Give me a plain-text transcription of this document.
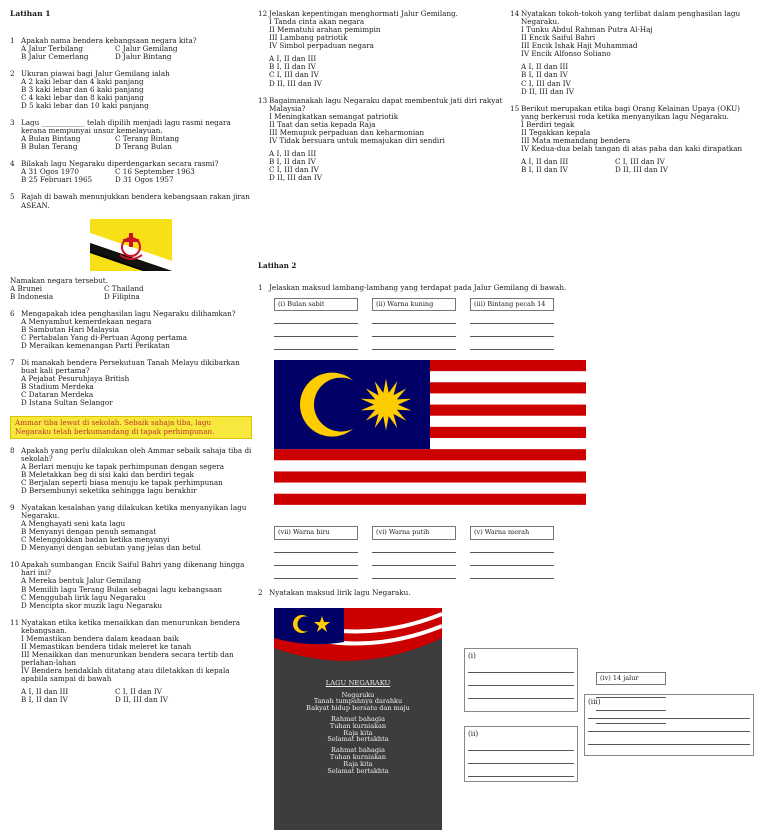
Latihan 1
1 Apakah nama bendera kebangsaan negara kita?
A Jalur Terbilang	C Jalur Gemilang
B Jalur Cemerlang	D Jalur Bintang
2 Ukuran piawai bagi Jalur Gemilang ialah
A 2 kaki lebar dan 4 kaki panjang
B 3 kaki lebar dan 6 kaki panjang
C 4 kaki lebar dan 8 kaki panjang
D 5 kaki lebar dan 10 kaki panjang
3 Lagu ____________ telah dipilih menjadi lagu rasmi negara kerana mempunyai unsur kemelayuan.
A Bulan Bintang	C Terang Bintang
B Bulan Terang	D Terang Bulan
4 Bilakah lagu Negaraku diperdengarkan secara rasmi?
A 31 Ogos 1970	C 16 September 1963
B 25 Februari 1965	D 31 Ogos 1957
5 Rajah di bawah menunjukkan bendera kebangsaan rakan jiran ASEAN.
Namakan negara tersebut.
A Brunei	C Thailand
B Indonesia	D Filipina
6 Mengapakah idea penghasilan lagu Negaraku dilihamkan?
A Menyambut kemerdekaan negara
B Sambutan Hari Malaysia
C Pertabalan Yang di-Pertuan Agong pertama
D Meraikan kemenangan Parti Perikatan
7 Di manakah bendera Persekutuan Tanah Melayu dikibarkan buat kali pertama?
A Pejabat Pesuruhjaya British
B Stadium Merdeka
C Dataran Merdeka
D Istana Sultan Selangor
Ammar tiba lewat di sekolah. Sebaik sahaja tiba, lagu Negaraku telah berkumandang di tapak perhimpunan.
8 Apakah yang perlu dilakukan oleh Ammar sebaik sahaja tiba di sekolah?
A Berlari menuju ke tapak perhimpunan dengan segera
B Meletakkan beg di sisi kaki dan berdiri tegak
C Berjalan seperti biasa menuju ke tapak perhimpunan
D Bersembunyi seketika sehingga lagu berakhir
9 Nyatakan kesalahan yang dilakukan ketika menyanyikan lagu Negaraku.
A Menghayati seni kata lagu
B Menyanyi dengan penuh semangat
C Melenggokkan badan ketika menyanyi
D Menyanyi dengan sebutan yang jelas dan betul
10 Apakah sumbangan Encik Saiful Bahri yang dikenang hingga hari ini?
A Mereka bentuk Jalur Gemilang
B Memilih lagu Terang Bulan sebagai lagu kebangsaan
C Menggubah lirik lagu Negaraku
D Mencipta skor muzik lagu Negaraku
11 Nyatakan etika ketika menaikkan dan menurunkan bendera kebangsaan.
I Memastikan bendera dalam keadaan baik
II Memastikan bendera tidak meleret ke tanah
III Menaikkan dan menurunkan bendera secara tertib dan perlahan-lahan
IV Bendera hendaklah ditatang atau diletakkan di kepala apabila sampai di bawah
A I, II dan III	C I, II dan IV
B I, II dan IV	D II, III dan IV
12 Jelaskan kepentingan menghormati Jalur Gemilang.
I Tanda cinta akan negara
II Mematuhi arahan pemimpin
III Lambang patriotik
IV Simbol perpaduan negara
A I, II dan III
B I, II dan IV
C I, III dan IV
D II, III dan IV
13 Bagaimanakah lagu Negaraku dapat membentuk jati diri rakyat Malaysia?
I Meningkatkan semangat patriotik
II Taat dan setia kepada Raja
III Memupuk perpaduan dan keharmonian
IV Tidak bersuara untuk memajukan diri sendiri
A I, II dan III
B I, II dan IV
C I, III dan IV
D II, III dan IV
14 Nyatakan tokoh-tokoh yang terlibat dalam penghasilan lagu Negaraku.
I Tunku Abdul Rahman Putra Al-Haj
II Encik Saiful Bahri
III Encik Ishak Haji Muhammad
IV Encik Alfonso Soliano
A I, II dan III
B I, II dan IV
C I, III dan IV
D II, III dan IV
15 Berikut merupakan etika bagi Orang Kelainan Upaya (OKU) yang berkerusi roda ketika menyanyikan lagu Negaraku.
I Berdiri tegak
II Tegakkan kepala
III Mata memandang bendera
IV Kedua-dua belah tangan di atas paha dan kaki dirapatkan
A I, II dan III	C I, III dan IV
B I, II dan IV	D II, III dan IV
Latihan 2
1 Jelaskan maksud lambang-lambang yang terdapat pada Jalur Gemilang di bawah.
(i) Bulan sabit	(ii) Warna kuning	(iii) Bintang pecah 14
(iv) 14 jalur
(vii) Warna biru	(vi) Warna putih	(v) Warna merah
2 Nyatakan maksud lirik lagu Negaraku.
LAGU NEGARAKU

Negaraku
Tanah tumpahnya darahku
Rakyat hidup bersatu dan maju

Rahmat bahagia
Tuhan kurniakan
Raja kita
Selamat bertakhta

Rahmat bahagia
Tuhan kurniakan
Raja kita
Selamat bertakhta

(i)
(ii)
(iii)
